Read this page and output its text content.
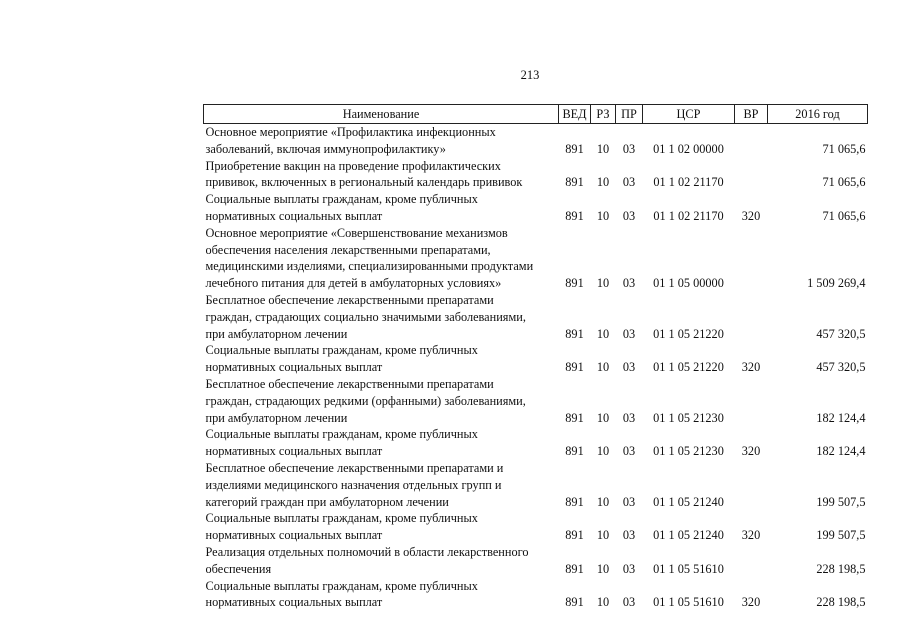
213
Наименование	ВЕД	РЗ	ПР	ЦСР	ВР	2016 год
Основное мероприятие «Профилактика инфекционных
заболеваний, включая иммунопрофилактику»	891	10	03	01 1 02 00000		71 065,6
Приобретение вакцин на проведение профилактических
прививок, включенных в региональный календарь прививок	891	10	03	01 1 02 21170		71 065,6
Социальные выплаты гражданам, кроме публичных
нормативных социальных выплат	891	10	03	01 1 02 21170	320	71 065,6
Основное мероприятие «Совершенствование механизмов
обеспечения населения лекарственными препаратами,
медицинскими изделиями, специализированными продуктами
лечебного питания для детей в амбулаторных условиях»	891	10	03	01 1 05 00000		1 509 269,4
Бесплатное обеспечение лекарственными препаратами
граждан, страдающих социально значимыми заболеваниями,
при амбулаторном лечении	891	10	03	01 1 05 21220		457 320,5
Социальные выплаты гражданам, кроме публичных
нормативных социальных выплат	891	10	03	01 1 05 21220	320	457 320,5
Бесплатное обеспечение лекарственными препаратами
граждан, страдающих редкими (орфанными) заболеваниями,
при амбулаторном лечении	891	10	03	01 1 05 21230		182 124,4
Социальные выплаты гражданам, кроме публичных
нормативных социальных выплат	891	10	03	01 1 05 21230	320	182 124,4
Бесплатное обеспечение лекарственными препаратами и
изделиями медицинского назначения отдельных групп и
категорий граждан при амбулаторном лечении	891	10	03	01 1 05 21240		199 507,5
Социальные выплаты гражданам, кроме публичных
нормативных социальных выплат	891	10	03	01 1 05 21240	320	199 507,5
Реализация отдельных полномочий в области лекарственного
обеспечения	891	10	03	01 1 05 51610		228 198,5
Социальные выплаты гражданам, кроме публичных
нормативных социальных выплат	891	10	03	01 1 05 51610	320	228 198,5
